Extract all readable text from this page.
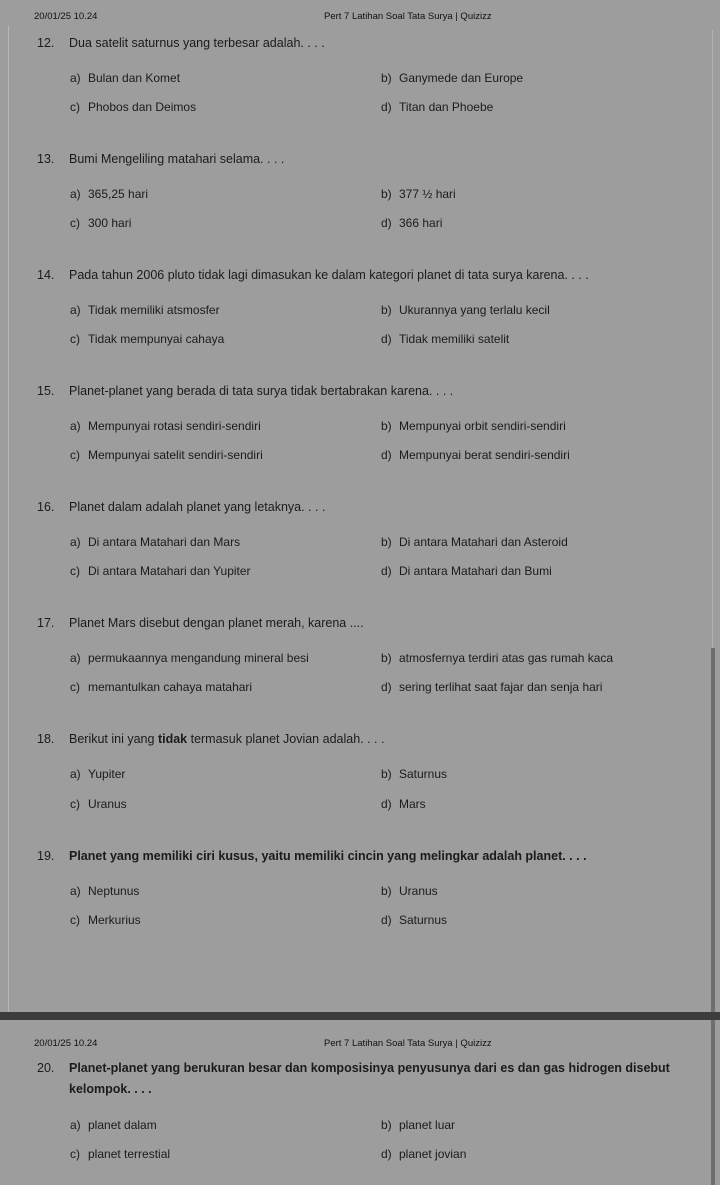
20/01/25 10.24	Pert 7 Latihan Soal Tata Surya | Quizizz
12. Dua satelit saturnus yang terbesar adalah. . . .
a) Bulan dan Komet	b) Ganymede dan Europe
c) Phobos dan Deimos	d) Titan dan Phoebe
13. Bumi Mengeliling matahari selama. . . .
a) 365,25 hari	b) 377 ½ hari
c) 300 hari	d) 366 hari
14. Pada tahun 2006 pluto tidak lagi dimasukan ke dalam kategori planet di tata surya karena. . . .
a) Tidak memiliki atsmosfer	b) Ukurannya yang terlalu kecil
c) Tidak mempunyai cahaya	d) Tidak memiliki satelit
15. Planet-planet yang berada di tata surya tidak bertabrakan karena. . . .
a) Mempunyai rotasi sendiri-sendiri	b) Mempunyai orbit sendiri-sendiri
c) Mempunyai satelit sendiri-sendiri	d) Mempunyai berat sendiri-sendiri
16. Planet dalam adalah planet yang letaknya. . . .
a) Di antara Matahari dan Mars	b) Di antara Matahari dan Asteroid
c) Di antara Matahari dan Yupiter	d) Di antara Matahari dan Bumi
17. Planet Mars disebut dengan planet merah, karena ....
a) permukaannya mengandung mineral besi	b) atmosfernya terdiri atas gas rumah kaca
c) memantulkan cahaya matahari	d) sering terlihat saat fajar dan senja hari
18. Berikut ini yang tidak termasuk planet Jovian adalah. . . .
a) Yupiter	b) Saturnus
c) Uranus	d) Mars
19. Planet yang memiliki ciri kusus, yaitu memiliki cincin yang melingkar adalah planet. . . .
a) Neptunus	b) Uranus
c) Merkurius	d) Saturnus
20/01/25 10.24	Pert 7 Latihan Soal Tata Surya | Quizizz
20. Planet-planet yang berukuran besar dan komposisinya penyusunya dari es dan gas hidrogen disebut kelompok. . . .
a) planet dalam	b) planet luar
c) planet terrestial	d) planet jovian
